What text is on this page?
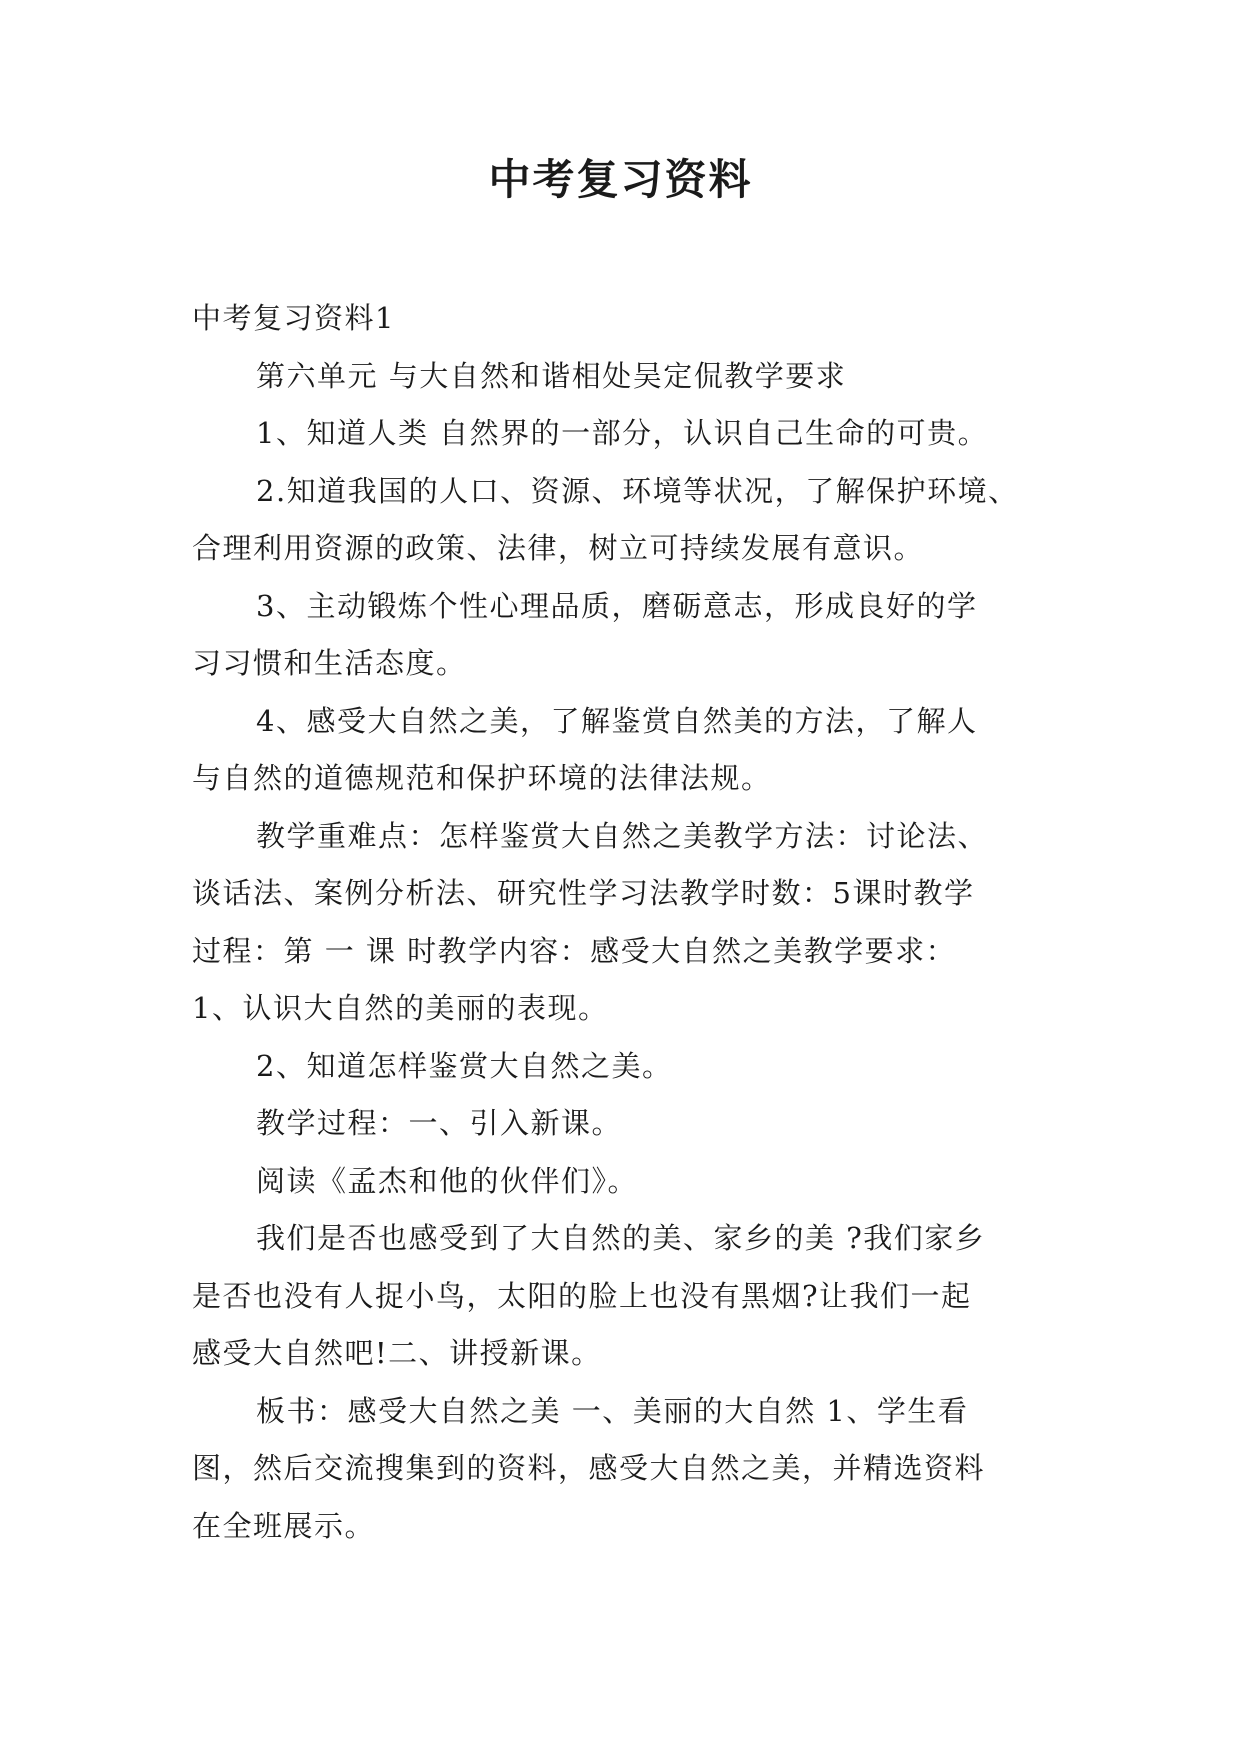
中考复习资料

中考复习资料1

第六单元 与大自然和谐相处吴定侃教学要求

1、知道人类 自然界的一部分，认识自己生命的可贵。

2.知道我国的人口、资源、环境等状况，了解保护环境、

合理利用资源的政策、法律，树立可持续发展有意识。

3、主动锻炼个性心理品质，磨砺意志，形成良好的学

习习惯和生活态度。

4、感受大自然之美，了解鉴赏自然美的方法，了解人

与自然的道德规范和保护环境的法律法规。

教学重难点：怎样鉴赏大自然之美教学方法：讨论法、

谈话法、案例分析法、研究性学习法教学时数：5课时教学

过程：第 一 课 时教学内容：感受大自然之美教学要求：

1、认识大自然的美丽的表现。

2、知道怎样鉴赏大自然之美。

教学过程：一、引入新课。

阅读《孟杰和他的伙伴们》。

我们是否也感受到了大自然的美、家乡的美 ?我们家乡

是否也没有人捉小鸟，太阳的脸上也没有黑烟?让我们一起

感受大自然吧!二、讲授新课。

板书：感受大自然之美 一、美丽的大自然 1、学生看

图，然后交流搜集到的资料，感受大自然之美，并精选资料

在全班展示。
